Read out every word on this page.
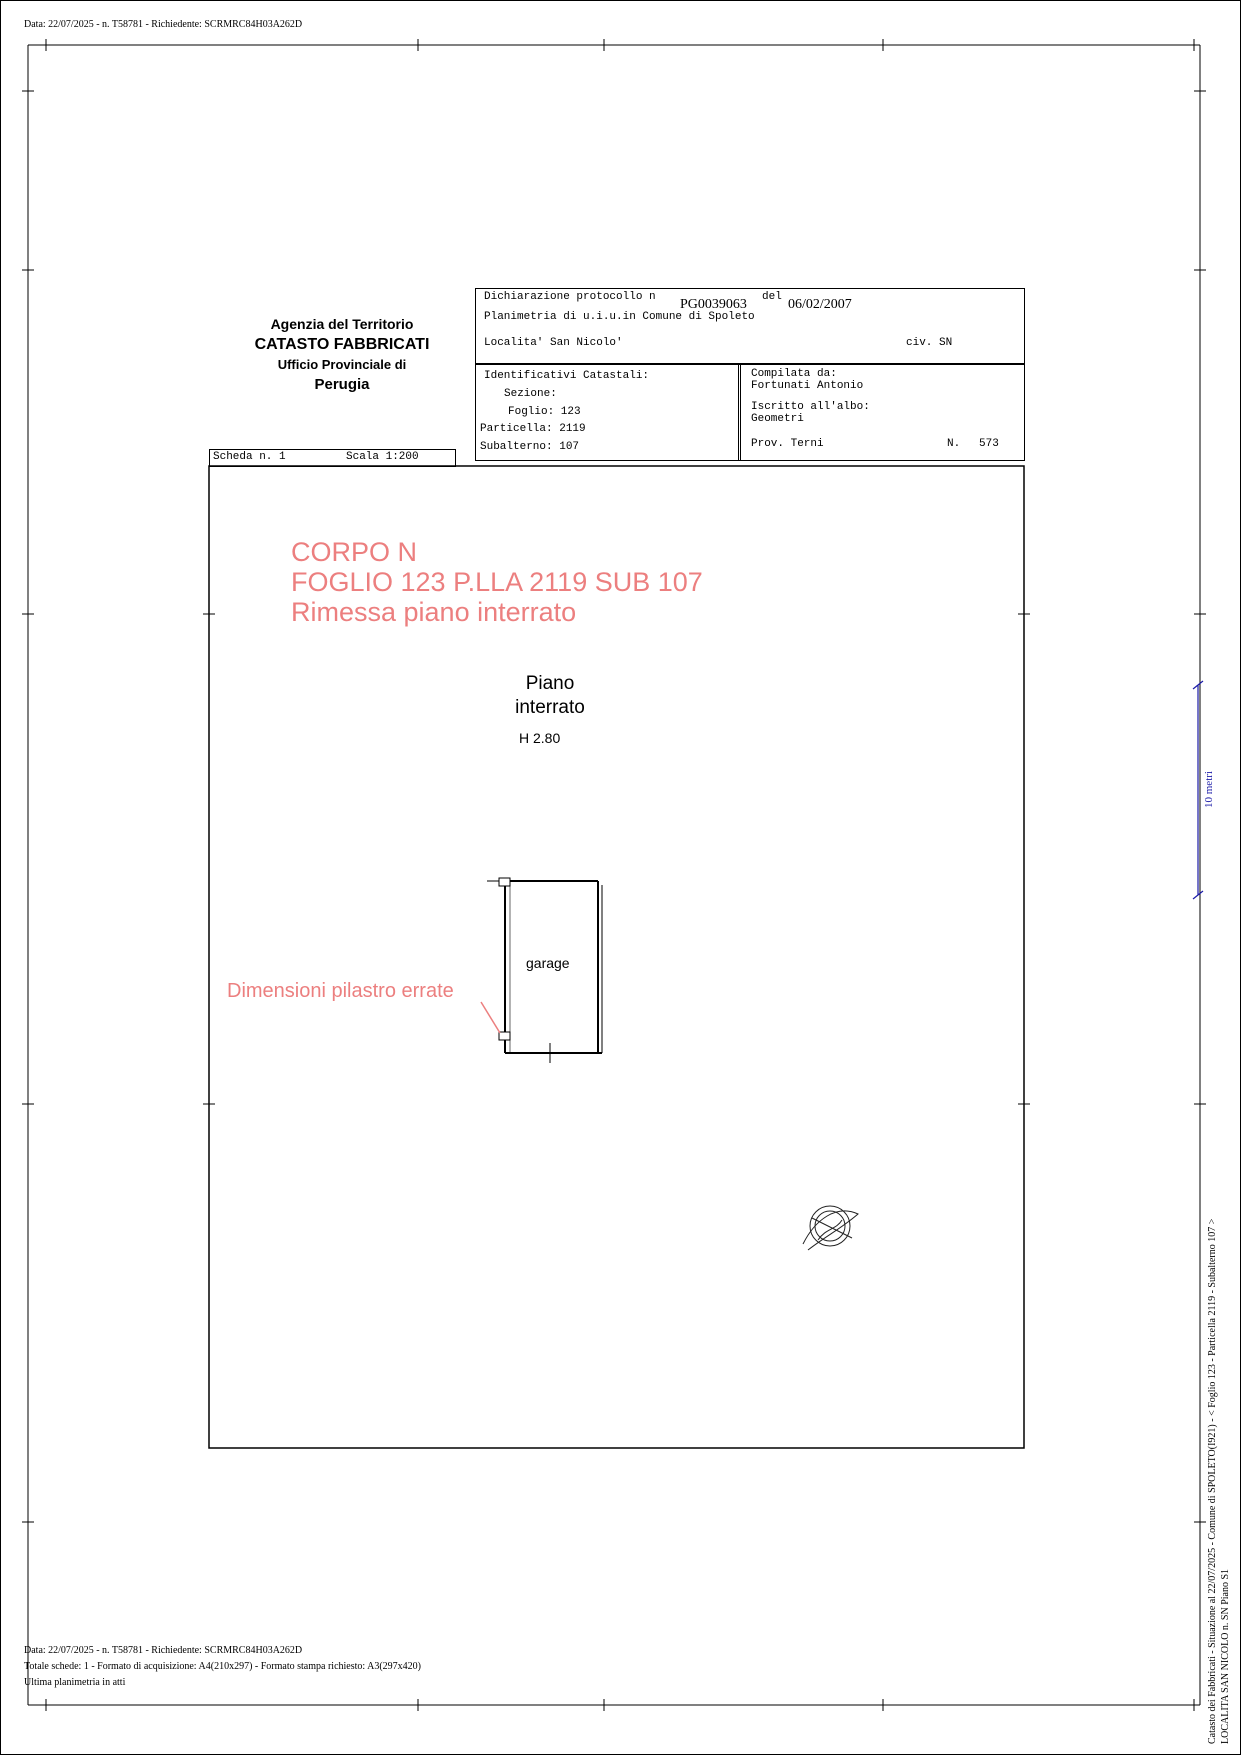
Data: 22/07/2025 - n. T58781 - Richiedente: SCRMRC84H03A262D
Agenzia del Territorio
CATASTO FABBRICATI
Ufficio Provinciale di
Perugia
Dichiarazione protocollo n PG0039063 del 06/02/2007
Planimetria di u.i.u.in Comune di Spoleto
Localita' San Nicolo'	civ. SN
Identificativi Catastali:
Sezione:
Foglio: 123
Particella: 2119
Subalterno: 107
Compilata da:
Fortunati Antonio
Iscritto all'albo:
Geometri
Prov. Terni	N. 573
Scheda n. 1	Scala 1:200
CORPO N
FOGLIO 123 P.LLA 2119 SUB 107
Rimessa piano interrato
Dimensioni pilastro errate
Piano
interrato
H 2.80
garage
10 metri
Data: 22/07/2025 - n. T58781 - Richiedente: SCRMRC84H03A262D
Totale schede: 1 - Formato di acquisizione: A4(210x297) - Formato stampa richiesto: A3(297x420)
Ultima planimetria in atti	Catasto dei Fabbricati - Situazione al 22/07/2025 - Comune di SPOLETO(I921) - < Foglio 123 - Particella 2119 - Subalterno 107 > LOCALITA SAN NICOLO n. SN Piano S1
